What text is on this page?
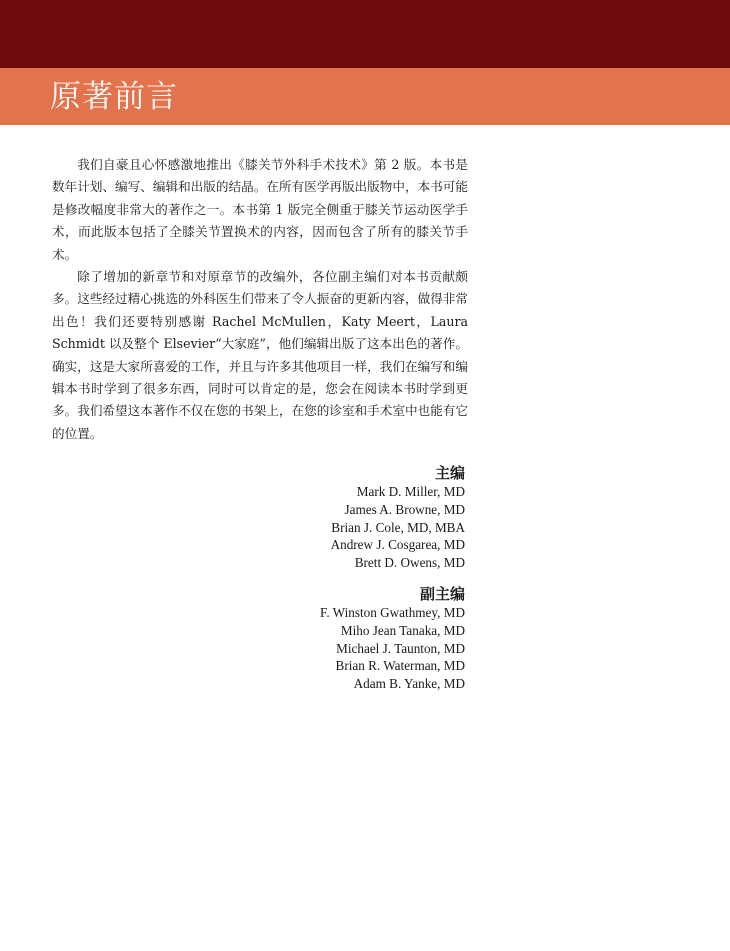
原著前言

我们自豪且心怀感激地推出《膝关节外科手术技术》第 2 版。本书是数年计划、编写、编辑和出版的结晶。在所有医学再版出版物中，本书可能是修改幅度非常大的著作之一。本书第 1 版完全侧重于膝关节运动医学手术，而此版本包括了全膝关节置换术的内容，因而包含了所有的膝关节手术。

除了增加的新章节和对原章节的改编外，各位副主编们对本书贡献颇多。这些经过精心挑选的外科医生们带来了令人振奋的更新内容，做得非常出色！我们还要特别感谢 Rachel McMullen，Katy Meert，Laura Schmidt 以及整个 Elsevier“大家庭”，他们编辑出版了这本出色的著作。确实，这是大家所喜爱的工作，并且与许多其他项目一样，我们在编写和编辑本书时学到了很多东西，同时可以肯定的是，您会在阅读本书时学到更多。我们希望这本著作不仅在您的书架上，在您的诊室和手术室中也能有它的位置。

主编
Mark D. Miller, MD
James A. Browne, MD
Brian J. Cole, MD, MBA
Andrew J. Cosgarea, MD
Brett D. Owens, MD
副主编
F. Winston Gwathmey, MD
Miho Jean Tanaka, MD
Michael J. Taunton, MD
Brian R. Waterman, MD
Adam B. Yanke, MD
